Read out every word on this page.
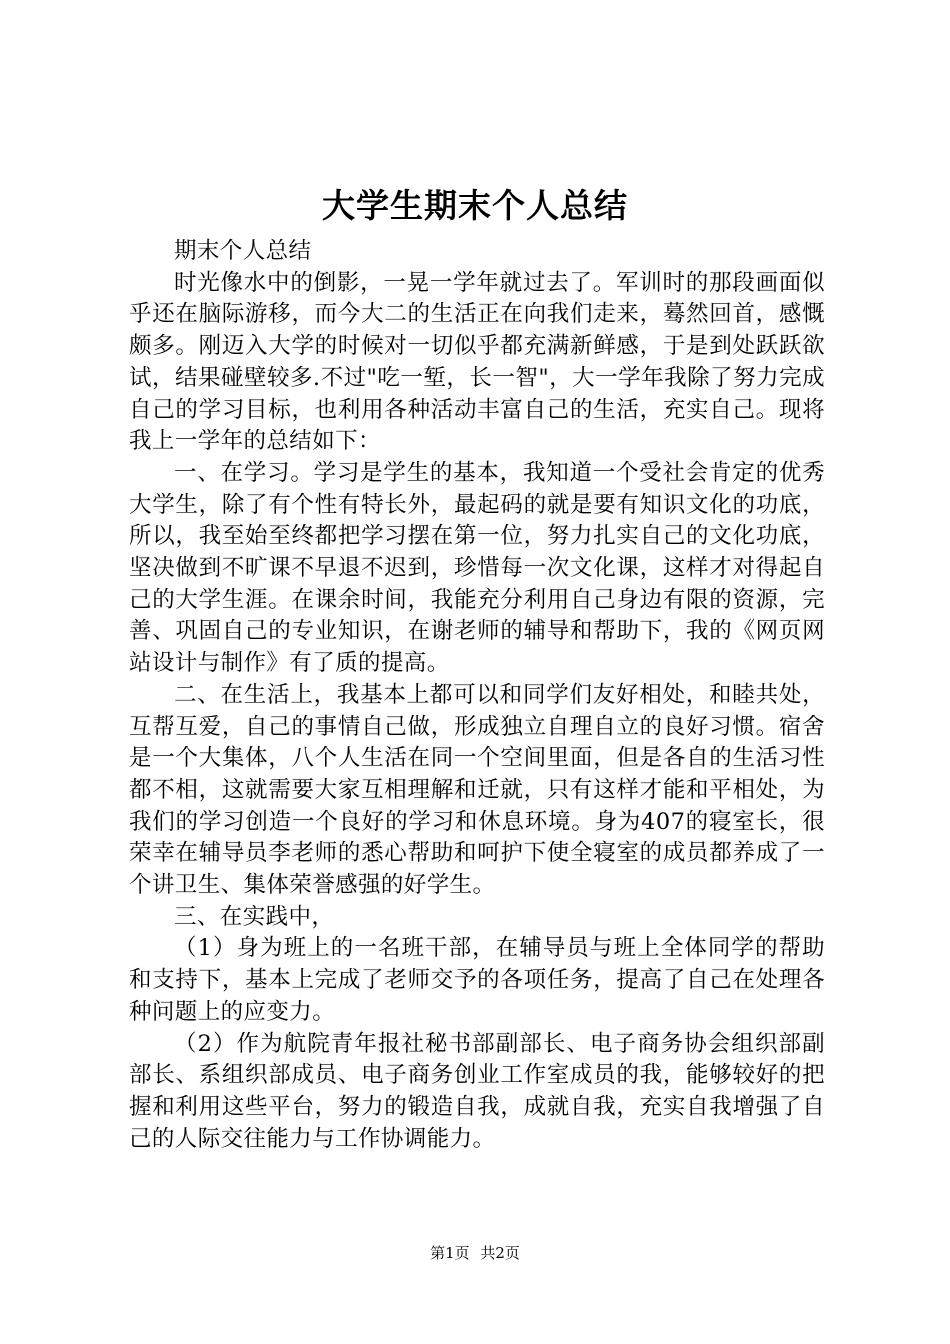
大学生期末个人总结

期末个人总结

时光像水中的倒影，一晃一学年就过去了。军训时的那段画面似乎还在脑际游移，而今大二的生活正在向我们走来，蓦然回首，感慨颇多。刚迈入大学的时候对一切似乎都充满新鲜感，于是到处跃跃欲试，结果碰壁较多.不过"吃一堑，长一智"，大一学年我除了努力完成自己的学习目标，也利用各种活动丰富自己的生活，充实自己。现将我上一学年的总结如下：

一、在学习。学习是学生的基本，我知道一个受社会肯定的优秀大学生，除了有个性有特长外，最起码的就是要有知识文化的功底，所以，我至始至终都把学习摆在第一位，努力扎实自己的文化功底，坚决做到不旷课不早退不迟到，珍惜每一次文化课，这样才对得起自己的大学生涯。在课余时间，我能充分利用自己身边有限的资源，完善、巩固自己的专业知识，在谢老师的辅导和帮助下，我的《网页网站设计与制作》有了质的提高。

二、在生活上，我基本上都可以和同学们友好相处，和睦共处，互帮互爱，自己的事情自己做，形成独立自理自立的良好习惯。宿舍是一个大集体，八个人生活在同一个空间里面，但是各自的生活习性都不相，这就需要大家互相理解和迁就，只有这样才能和平相处，为我们的学习创造一个良好的学习和休息环境。身为407的寝室长，很荣幸在辅导员李老师的悉心帮助和呵护下使全寝室的成员都养成了一个讲卫生、集体荣誉感强的好学生。

三、在实践中，

（1）身为班上的一名班干部，在辅导员与班上全体同学的帮助和支持下，基本上完成了老师交予的各项任务，提高了自己在处理各种问题上的应变力。

（2）作为航院青年报社秘书部副部长、电子商务协会组织部副部长、系组织部成员、电子商务创业工作室成员的我，能够较好的把握和利用这些平台，努力的锻造自我，成就自我，充实自我增强了自己的人际交往能力与工作协调能力。

第1页 共2页
